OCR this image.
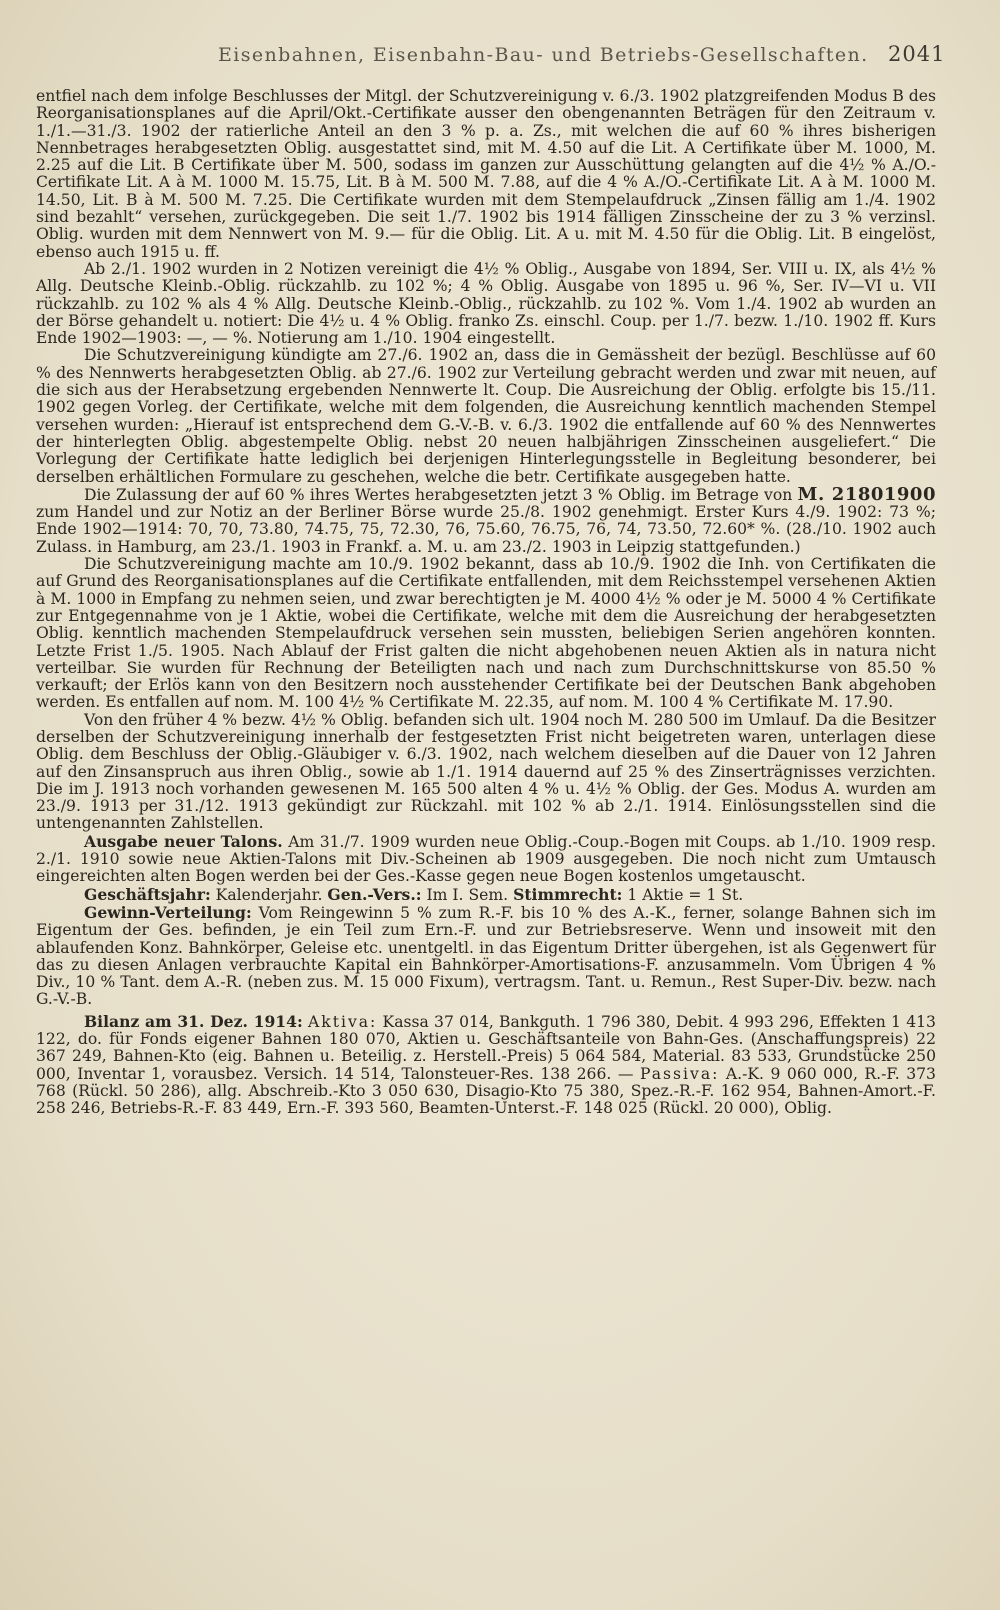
Eisenbahnen, Eisenbahn-Bau- und Betriebs-Gesellschaften. 2041

entfiel nach dem infolge Beschlusses der Mitgl. der Schutzvereinigung v. 6./3. 1902 platzgreifenden Modus B des Reorganisationsplanes auf die April/Okt.-Certifikate ausser den obengenannten Beträgen für den Zeitraum v. 1./1.—31./3. 1902 der ratierliche Anteil an den 3 % p. a. Zs., mit welchen die auf 60 % ihres bisherigen Nennbetrages herabgesetzten Oblig. ausgestattet sind, mit M. 4.50 auf die Lit. A Certifikate über M. 1000, M. 2.25 auf die Lit. B Certifikate über M. 500, sodass im ganzen zur Ausschüttung gelangten auf die 4½ % A./O.-Certifikate Lit. A à M. 1000 M. 15.75, Lit. B à M. 500 M. 7.88, auf die 4 % A./O.-Certifikate Lit. A à M. 1000 M. 14.50, Lit. B à M. 500 M. 7.25. Die Certifikate wurden mit dem Stempelaufdruck „Zinsen fällig am 1./4. 1902 sind bezahlt“ versehen, zurückgegeben. Die seit 1./7. 1902 bis 1914 fälligen Zinsscheine der zu 3 % verzinsl. Oblig. wurden mit dem Nennwert von M. 9.— für die Oblig. Lit. A u. mit M. 4.50 für die Oblig. Lit. B eingelöst, ebenso auch 1915 u. ff.

Ab 2./1. 1902 wurden in 2 Notizen vereinigt die 4½ % Oblig., Ausgabe von 1894, Ser. VIII u. IX, als 4½ % Allg. Deutsche Kleinb.-Oblig. rückzahlb. zu 102 %; 4 % Oblig. Ausgabe von 1895 u. 96 %, Ser. IV—VI u. VII rückzahlb. zu 102 % als 4 % Allg. Deutsche Kleinb.-Oblig., rückzahlb. zu 102 %. Vom 1./4. 1902 ab wurden an der Börse gehandelt u. notiert: Die 4½ u. 4 % Oblig. franko Zs. einschl. Coup. per 1./7. bezw. 1./10. 1902 ff. Kurs Ende 1902—1903: —, — %. Notierung am 1./10. 1904 eingestellt.

Die Schutzvereinigung kündigte am 27./6. 1902 an, dass die in Gemässheit der bezügl. Beschlüsse auf 60 % des Nennwerts herabgesetzten Oblig. ab 27./6. 1902 zur Verteilung gebracht werden und zwar mit neuen, auf die sich aus der Herabsetzung ergebenden Nennwerte lt. Coup. Die Ausreichung der Oblig. erfolgte bis 15./11. 1902 gegen Vorleg. der Certifikate, welche mit dem folgenden, die Ausreichung kenntlich machenden Stempel versehen wurden: „Hierauf ist entsprechend dem G.-V.-B. v. 6./3. 1902 die entfallende auf 60 % des Nennwertes der hinterlegten Oblig. abgestempelte Oblig. nebst 20 neuen halbjährigen Zinsscheinen ausgeliefert.“ Die Vorlegung der Certifikate hatte lediglich bei derjenigen Hinterlegungsstelle in Begleitung besonderer, bei derselben erhältlichen Formulare zu geschehen, welche die betr. Certifikate ausgegeben hatte.

Die Zulassung der auf 60 % ihres Wertes herabgesetzten jetzt 3 % Oblig. im Betrage von M. 21801900 zum Handel und zur Notiz an der Berliner Börse wurde 25./8. 1902 genehmigt. Erster Kurs 4./9. 1902: 73 %; Ende 1902—1914: 70, 70, 73.80, 74.75, 75, 72.30, 76, 75.60, 76.75, 76, 74, 73.50, 72.60* %. (28./10. 1902 auch Zulass. in Hamburg, am 23./1. 1903 in Frankf. a. M. u. am 23./2. 1903 in Leipzig stattgefunden.)

Die Schutzvereinigung machte am 10./9. 1902 bekannt, dass ab 10./9. 1902 die Inh. von Certifikaten die auf Grund des Reorganisationsplanes auf die Certifikate entfallenden, mit dem Reichsstempel versehenen Aktien à M. 1000 in Empfang zu nehmen seien, und zwar berechtigten je M. 4000 4½ % oder je M. 5000 4 % Certifikate zur Entgegennahme von je 1 Aktie, wobei die Certifikate, welche mit dem die Ausreichung der herabgesetzten Oblig. kenntlich machenden Stempelaufdruck versehen sein mussten, beliebigen Serien angehören konnten. Letzte Frist 1./5. 1905. Nach Ablauf der Frist galten die nicht abgehobenen neuen Aktien als in natura nicht verteilbar. Sie wurden für Rechnung der Beteiligten nach und nach zum Durchschnittskurse von 85.50 % verkauft; der Erlös kann von den Besitzern noch ausstehender Certifikate bei der Deutschen Bank abgehoben werden. Es entfallen auf nom. M. 100 4½ % Certifikate M. 22.35, auf nom. M. 100 4 % Certifikate M. 17.90.

Von den früher 4 % bezw. 4½ % Oblig. befanden sich ult. 1904 noch M. 280 500 im Umlauf. Da die Besitzer derselben der Schutzvereinigung innerhalb der festgesetzten Frist nicht beigetreten waren, unterlagen diese Oblig. dem Beschluss der Oblig.-Gläubiger v. 6./3. 1902, nach welchem dieselben auf die Dauer von 12 Jahren auf den Zinsanspruch aus ihren Oblig., sowie ab 1./1. 1914 dauernd auf 25 % des Zinserträgnisses verzichten. Die im J. 1913 noch vorhanden gewesenen M. 165 500 alten 4 % u. 4½ % Oblig. der Ges. Modus A. wurden am 23./9. 1913 per 31./12. 1913 gekündigt zur Rückzahl. mit 102 % ab 2./1. 1914. Einlösungsstellen sind die untengenannten Zahlstellen.

Ausgabe neuer Talons. Am 31./7. 1909 wurden neue Oblig.-Coup.-Bogen mit Coups. ab 1./10. 1909 resp. 2./1. 1910 sowie neue Aktien-Talons mit Div.-Scheinen ab 1909 ausgegeben. Die noch nicht zum Umtausch eingereichten alten Bogen werden bei der Ges.-Kasse gegen neue Bogen kostenlos umgetauscht.

Geschäftsjahr: Kalenderjahr. Gen.-Vers.: Im I. Sem. Stimmrecht: 1 Aktie = 1 St.

Gewinn-Verteilung: Vom Reingewinn 5 % zum R.-F. bis 10 % des A.-K., ferner, solange Bahnen sich im Eigentum der Ges. befinden, je ein Teil zum Ern.-F. und zur Betriebsreserve. Wenn und insoweit mit den ablaufenden Konz. Bahnkörper, Geleise etc. unentgeltl. in das Eigentum Dritter übergehen, ist als Gegenwert für das zu diesen Anlagen verbrauchte Kapital ein Bahnkörper-Amortisations-F. anzusammeln. Vom Übrigen 4 % Div., 10 % Tant. dem A.-R. (neben zus. M. 15 000 Fixum), vertragsm. Tant. u. Remun., Rest Super-Div. bezw. nach G.-V.-B.

Bilanz am 31. Dez. 1914: Aktiva: Kassa 37 014, Bankguth. 1 796 380, Debit. 4 993 296, Effekten 1 413 122, do. für Fonds eigener Bahnen 180 070, Aktien u. Geschäftsanteile von Bahn-Ges. (Anschaffungspreis) 22 367 249, Bahnen-Kto (eig. Bahnen u. Beteilig. z. Herstell.-Preis) 5 064 584, Material. 83 533, Grundstücke 250 000, Inventar 1, vorausbez. Versich. 14 514, Talonsteuer-Res. 138 266. — Passiva: A.-K. 9 060 000, R.-F. 373 768 (Rückl. 50 286), allg. Abschreib.-Kto 3 050 630, Disagio-Kto 75 380, Spez.-R.-F. 162 954, Bahnen-Amort.-F. 258 246, Betriebs-R.-F. 83 449, Ern.-F. 393 560, Beamten-Unterst.-F. 148 025 (Rückl. 20 000), Oblig.
